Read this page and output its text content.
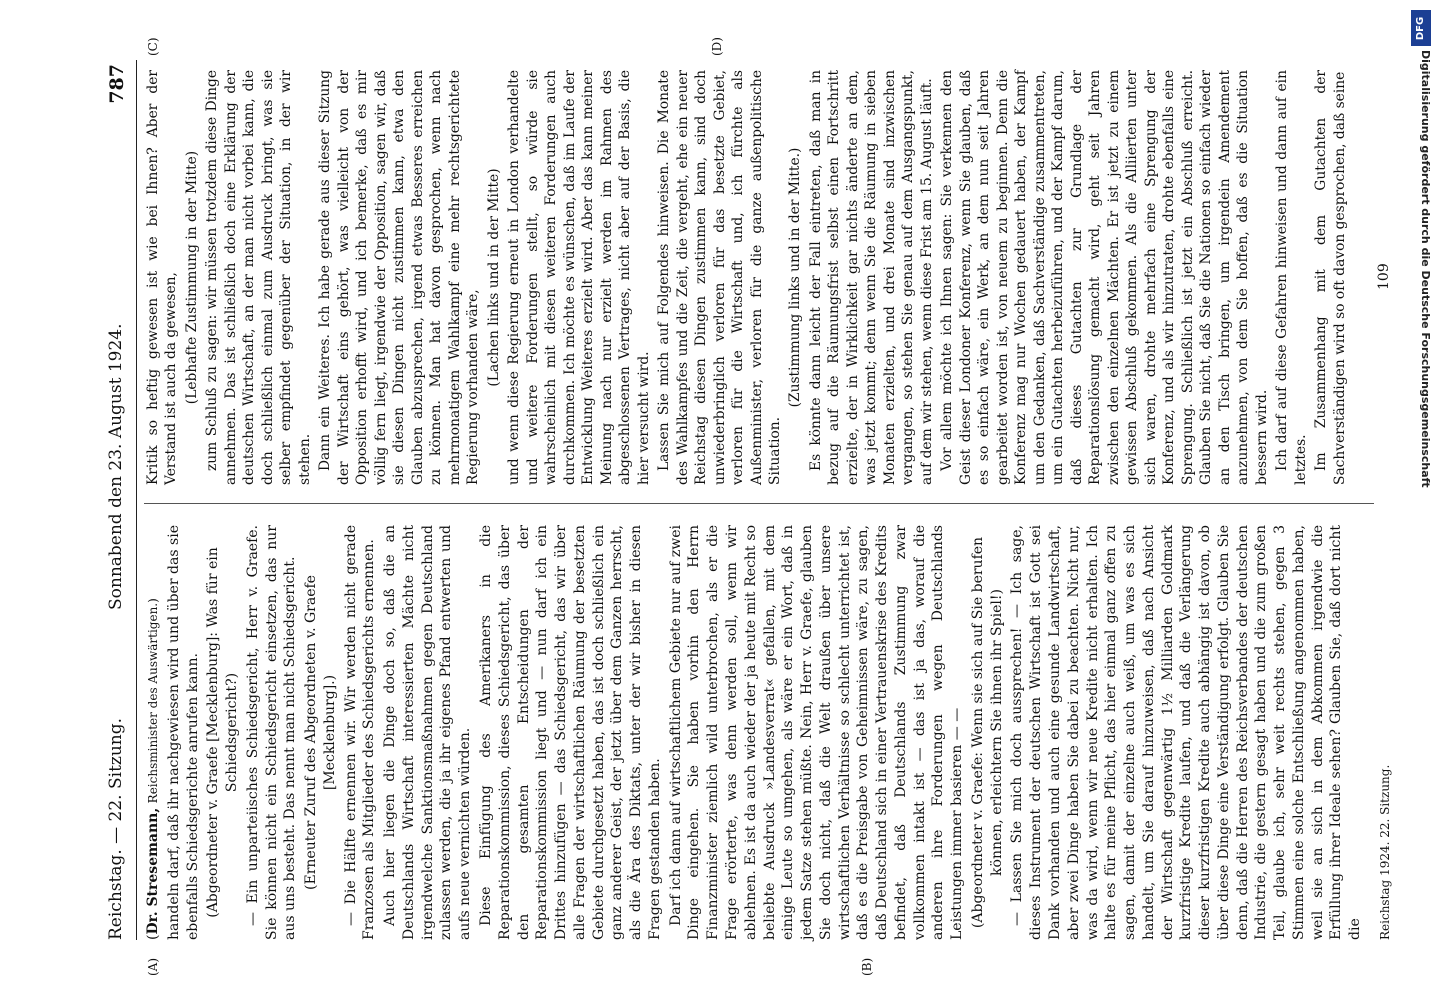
Reichstag. — 22. Sitzung.
Sonnabend den 23. August 1924.
787
(A)	(B)
(C)	(D)

(Dr. Stresemann, Reichsminister des Auswärtigen.) handeln darf, daß ihr nachgewiesen wird und über das sie ebenfalls Schiedsgerichte anrufen kann. (Abgeordneter v. Graefe [Mecklenburg]: Was für ein Schiedsgericht?) — Ein unparteiisches Schiedsgericht, Herr v. Graefe. Sie können nicht ein Schiedsgericht einsetzen, das nur aus uns besteht. Das nennt man nicht Schiedsgericht. (Erneuter Zuruf des Abgeordneten v. Graefe [Mecklenburg].) — Die Hälfte ernennen wir. Wir werden nicht gerade Franzosen als Mitglieder des Schiedsgerichts ernennen. Auch hier liegen die Dinge doch so, daß die an Deutschlands Wirtschaft interessierten Mächte nicht irgendwelche Sanktionsmaßnahmen gegen Deutschland zulassen werden, die ja ihr eigenes Pfand entwerten und aufs neue vernichten würden. Diese Einfügung des Amerikaners in die Reparationskommission, dieses Schiedsgericht, das über den gesamten Entscheidungen der Reparationskommission liegt und — nun darf ich ein Drittes hinzufügen — das Schiedsgericht, das wir über alle Fragen der wirtschaftlichen Räumung der besetzten Gebiete durchgesetzt haben, das ist doch schließlich ein ganz anderer Geist, der jetzt über dem Ganzen herrscht, als die Ära des Diktats, unter der wir bisher in diesen Fragen gestanden haben. Darf ich dann auf wirtschaftlichem Gebiete nur auf zwei Dinge eingehen. Sie haben vorhin den Herrn Finanzminister ziemlich wild unterbrochen, als er die Frage erörterte, was denn werden soll, wenn wir ablehnen. Es ist da auch wieder der ja heute mit Recht so beliebte Ausdruck »Landesverrat« gefallen, mit dem einige Leute so umgehen, als wäre er ein Wort, daß in jedem Satze stehen müßte. Nein, Herr v. Graefe, glauben Sie doch nicht, daß die Welt draußen über unsere wirtschaftlichen Verhältnisse so schlecht unterrichtet ist, daß es die Preisgabe von Geheimnissen wäre, zu sagen, daß Deutschland sich in einer Vertrauenskrise des Kredits befindet, daß Deutschlands Zustimmung zwar vollkommen intakt ist — das ist ja das, worauf die anderen ihre Forderungen wegen Deutschlands Leistungen immer basieren — — (Abgeordneter v. Graefe: Wenn sie sich auf Sie berufen können, erleichtern Sie ihnen ihr Spiel!) — Lassen Sie mich doch aussprechen! — Ich sage, dieses Instrument der deutschen Wirtschaft ist Gott sei Dank vorhanden und auch eine gesunde Landwirtschaft, aber zwei Dinge haben Sie dabei zu beachten. Nicht nur, was da wird, wenn wir neue Kredite nicht erhalten. Ich halte es für meine Pflicht, das hier einmal ganz offen zu sagen, damit der einzelne auch weiß, um was es sich handelt, um Sie darauf hinzuweisen, daß nach Ansicht der Wirtschaft gegenwärtig 1½ Milliarden Goldmark kurzfristige Kredite laufen, und daß die Verlängerung dieser kurzfristigen Kredite auch abhängig ist davon, ob über diese Dinge eine Verständigung erfolgt. Glauben Sie denn, daß die Herren des Reichsverbandes der deutschen Industrie, die gestern gesagt haben und die zum großen Teil, glaube ich, sehr weit rechts stehen, gegen 3 Stimmen eine solche Entschließung angenommen haben, weil sie an sich in dem Abkommen irgendwie die Erfüllung ihrer Ideale sehen? Glauben Sie, daß dort nicht die

Kritik so heftig gewesen ist wie bei Ihnen? Aber der Verstand ist auch da gewesen, (Lebhafte Zustimmung in der Mitte) zum Schluß zu sagen: wir müssen trotzdem diese Dinge annehmen. Das ist schließlich doch eine Erklärung der deutschen Wirtschaft, an der man nicht vorbei kann, die doch schließlich einmal zum Ausdruck bringt, was sie selber empfindet gegenüber der Situation, in der wir stehen. Dann ein Weiteres. Ich habe gerade aus dieser Sitzung der Wirtschaft eins gehört, was vielleicht von der Opposition erhofft wird, und ich bemerke, daß es mir völlig fern liegt, irgendwie der Opposition, sagen wir, daß sie diesen Dingen nicht zustimmen kann, etwa den Glauben abzusprechen, irgend etwas Besseres erreichen zu können. Man hat davon gesprochen, wenn nach mehrmonatigem Wahlkampf eine mehr rechtsgerichtete Regierung vorhanden wäre,

(Lachen links und in der Mitte) und wenn diese Regierung erneut in London verhandelte und weitere Forderungen stellt, so würde sie wahrscheinlich mit diesen weiteren Forderungen auch durchkommen. Ich möchte es wünschen, daß im Laufe der Entwicklung Weiteres erzielt wird. Aber das kann meiner Meinung nach nur erzielt werden im Rahmen des abgeschlossenen Vertrages, nicht aber auf der Basis, die hier versucht wird. Lassen Sie mich auf Folgendes hinweisen. Die Monate des Wahlkampfes und die Zeit, die vergeht, ehe ein neuer Reichstag diesen Dingen zustimmen kann, sind doch unwiederbringlich verloren für das besetzte Gebiet, verloren für die Wirtschaft und, ich fürchte als Außenminister, verloren für die ganze außenpolitische Situation.

(Zustimmung links und in der Mitte.) Es könnte dann leicht der Fall eintreten, daß man in bezug auf die Räumungsfrist selbst einen Fortschritt erzielte, der in Wirklichkeit gar nichts änderte an dem, was jetzt kommt; denn wenn Sie die Räumung in sieben Monaten erzielten, und drei Monate sind inzwischen vergangen, so stehen Sie genau auf dem Ausgangspunkt, auf dem wir stehen, wenn diese Frist am 15. August läuft. Vor allem möchte ich Ihnen sagen: Sie verkennen den Geist dieser Londoner Konferenz, wenn Sie glauben, daß es so einfach wäre, ein Werk, an dem nun seit Jahren gearbeitet worden ist, von neuem zu beginnen. Denn die Konferenz mag nur Wochen gedauert haben, der Kampf um den Gedanken, daß Sachverständige zusammentreten, um ein Gutachten herbeizuführen, und der Kampf darum, daß dieses Gutachten zur Grundlage der Reparationslösung gemacht wird, geht seit Jahren zwischen den einzelnen Mächten. Er ist jetzt zu einem gewissen Abschluß gekommen. Als die Alliierten unter sich waren, drohte mehrfach eine Sprengung der Konferenz, und als wir hinzutraten, drohte ebenfalls eine Sprengung. Schließlich ist jetzt ein Abschluß erreicht. Glauben Sie nicht, daß Sie die Nationen so einfach wieder an den Tisch bringen, um irgendein Amendement anzunehmen, von dem Sie hoffen, daß es die Situation bessern wird. Ich darf auf diese Gefahren hinweisen und dann auf ein letztes. Im Zusammenhang mit dem Gutachten der Sachverständigen wird so oft davon gesprochen, daß seine

Reichstag 1924. 22. Sitzung.
109
DFG
Digitalisierung gefördert durch die Deutsche Forschungsgemeinschaft
